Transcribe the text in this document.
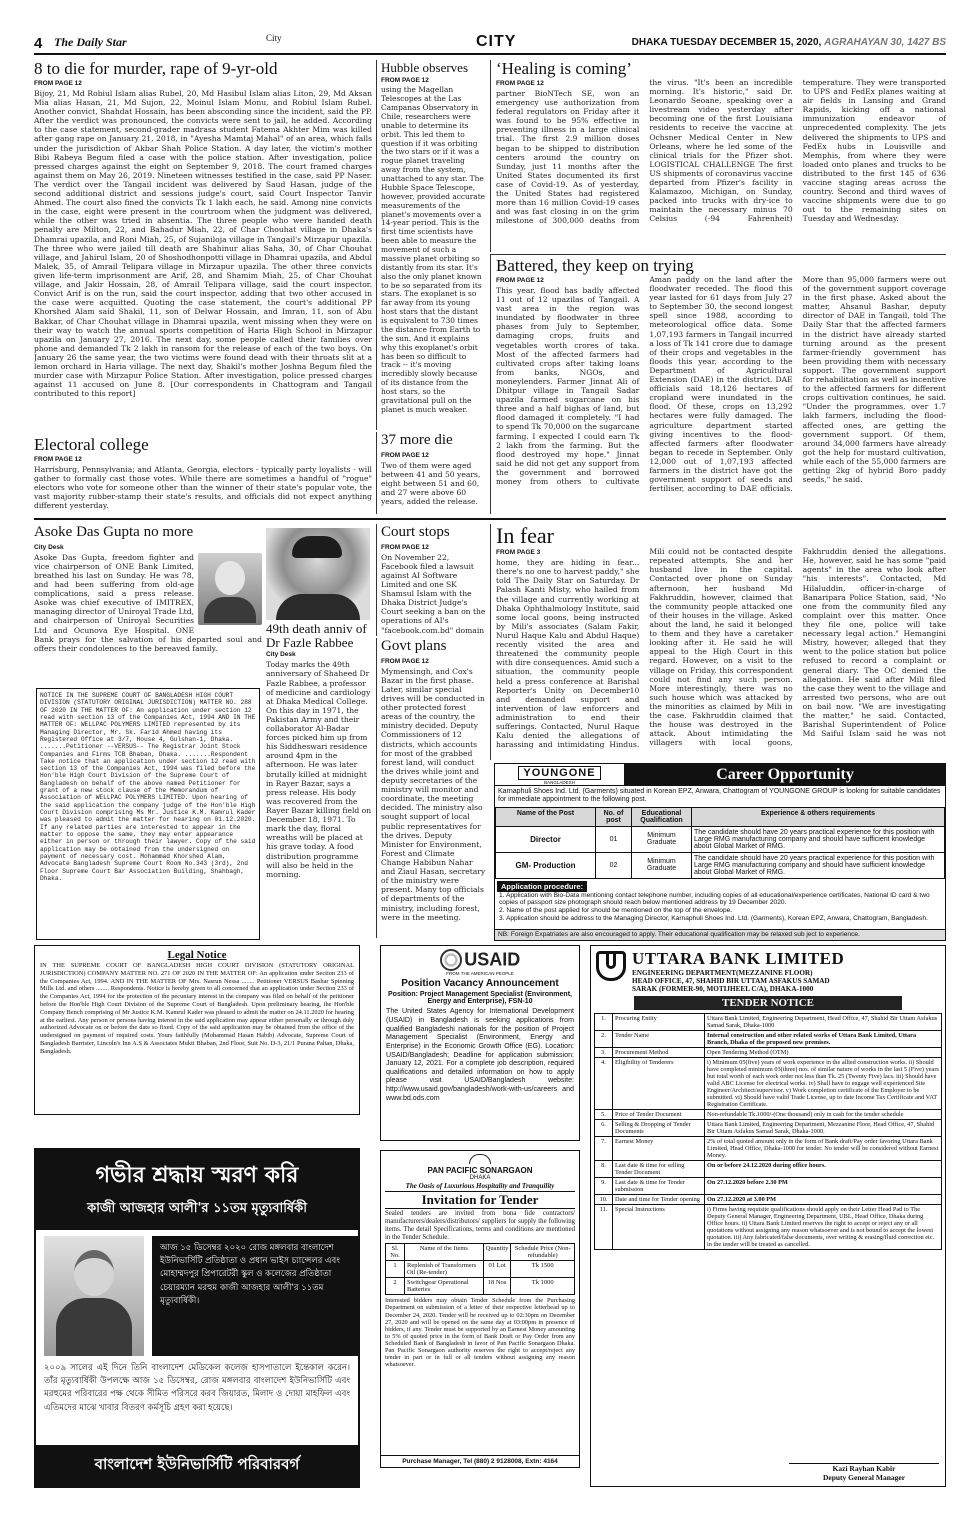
4 The Daily Star	City	CITY	DHAKA TUESDAY DECEMBER 15, 2020, AGRAHAYAN 30, 1427 BS
8 to die for murder, rape of 9-yr-old
FROM PAGE 12
Bijoy, 21, Md Robiul Islam alias Rubel, 20, Md Hasibul Islam alias Liton, 29, Md Aksan Mia alias Hasan, 21, Md Sujon, 22, Moinul Islam Monu, and Robiul Islam Rubel. Another convict, Shahdat Hossain, has been absconding since the incident, said the PP. After the verdict was pronounced, the convicts were sent to jail, he added. According to the case statement, second-grader madrasa student Fatema Akhter Mim was killed after gang rape on January 21, 2018, in "Ayesha Mamtaj Mahal" of an area, which falls under the jurisdiction of Akbar Shah Police Station. A day later, the victim's mother Bibi Rabeya Begum filed a case with the police station. After investigation, police pressed charges against the eight on September 9, 2018. The court framed charges against them on May 26, 2019. Nineteen witnesses testified in the case, said PP Naser. The verdict over the Tangail incident was delivered by Saud Hasan, judge of the second additional district and sessions judge's court, said Court Inspector Tanvir Ahmed. The court also fined the convicts Tk 1 lakh each, he said. Among nine convicts in the case, eight were present in the courtroom when the judgment was delivered, while the other was tried in absentia. The three people who were handed death penalty are Milton, 22, and Bahadur Miah, 22, of Char Chouhat village in Dhaka's Dhamrai upazila, and Roni Miah, 25, of Sujaniloja village in Tangail's Mirzapur upazila. The three who were jailed till death are Shahinur alias Saha, 30, of Char Chouhat village, and Jahirul Islam, 20 of Shoshodhonpotti village in Dhamrai upazila, and Abdul Malek, 35, of Amrail Telipara village in Mirzapur upazila. The other three convicts given life-term imprisonment are Arif, 28, and Shamim Miah, 25, of Char Chouhat village, and Jakir Hossain, 28, of Amrail Telipara village, said the court inspector. Convict Arif is on the run, said the court inspector, adding that two other accused in the case were acquitted. Quoting the case statement, the court's additional PP Khorshed Alam said Shakil, 11, son of Delwar Hossain, and Imran, 11, son of Abu Bakkar, of Char Chouhat village in Dhamrai upazila, went missing when they were on their way to watch the annual sports competition of Haria High School in Mirzapur upazila on January 27, 2016. The next day, some people called their families over phone and demanded Tk 2 lakh in ransom for the release of each of the two boys. On January 26 the same year, the two victims were found dead with their throats slit at a lemon orchard in Haria village. The next day, Shakil's mother Joshna Begum filed the murder case with Mirzapur Police Station. After investigation, police pressed charges against 11 accused on June 8. [Our correspondents in Chattogram and Tangail contributed to this report]
Electoral college
FROM PAGE 12
Harrisburg, Pennsylvania; and Atlanta, Georgia, electors - typically party loyalists - will gather to formally cast those votes. While there are sometimes a handful of "rogue" electors who vote for someone other than the winner of their state's popular vote, the vast majority rubber-stamp their state's results, and officials did not expect anything different yesterday.
Hubble observes
FROM PAGE 12
using the Magellan Telescopes at the Las Campanas Observatory in Chile, researchers were unable to determine its orbit. This led them to question if it was orbiting the two stars or if it was a rogue planet traveling away from the system, unattached to any star. The Hubble Space Telescope, however, provided accurate measurements of the planet's movements over a 14-year period. This is the first time scientists have been able to measure the movement of such a massive planet orbiting so distantly from its star. It's also the only planet known to be so separated from its stars. The exoplanet is so far away from its young host stars that the distant is equivalent to 730 times the distance from Earth to the sun. And it explains why this exoplanet's orbit has been so difficult to track -- it's moving incredibly slowly because of its distance from the host stars, so the gravitational pull on the planet is much weaker.
37 more die
FROM PAGE 12
Two of them were aged between 41 and 50 years, eight between 51 and 60, and 27 were above 60 years, added the release.
‘Healing is coming’
FROM PAGE 12
partner BioNTech SE, won an emergency use authorization from federal regulators on Friday after it was found to be 95% effective in preventing illness in a large clinical trial. The first 2.9 million doses began to be shipped to distribution centers around the country on Sunday, just 11 months after the United States documented its first case of Covid-19. As of yesterday, the United States had registered more than 16 million Covid-19 cases and was fast closing in on the grim milestone of 300,000 deaths from the virus. "It's been an incredible morning. It's historic," said Dr. Leonardo Seoane, speaking over a livestream video yesterday after becoming one of the first Louisiana residents to receive the vaccine at Ochsner Medical Center in New Orleans, where he led some of the clinical trials for the Pfizer shot. LOGISTICAL CHALLENGE The first US shipments of coronavirus vaccine departed from Pfizer's facility in Kalamazoo, Michigan, on Sunday, packed into trucks with dry-ice to maintain the necessary minus 70 Celsius (-94 Fahrenheit) temperature. They were transported to UPS and FedEx planes waiting at air fields in Lansing and Grand Rapids, kicking off a national immunization endeavor of unprecedented complexity. The jets delivered the shipments to UPS and FedEx hubs in Louisville and Memphis, from where they were loaded onto planes and trucks to be distributed to the first 145 of 636 vaccine staging areas across the country. Second and third waves of vaccine shipments were due to go out to the remaining sites on Tuesday and Wednesday.
Battered, they keep on trying
FROM PAGE 12
This year, flood has badly affected 11 out of 12 upazilas of Tangail. A vast area in the region was inundated by floodwater in three phases from July to September, damaging crops, fruits and vegetables worth crores of taka. Most of the affected farmers had cultivated crops after taking loans from banks, NGOs, and moneylenders. Farmer Jinnat Ali of Dhitpur village in Tangail Sadar upazila farmed sugarcane on his three and a half bighas of land, but flood damaged it completely. "I had to spend Tk 70,000 on the sugarcane farming. I expected I could earn Tk 2 lakh from the farming. But the flood destroyed my hope." Jinnat said he did not get any support from the government and borrowed money from others to cultivate Aman paddy on the land after the floodwater receded. The flood this year lasted for 61 days from July 27 to September 30, the second longest spell since 1988, according to meteorological office data. Some 1,07,193 farmers in Tangail incurred a loss of Tk 141 crore due to damage of their crops and vegetables in the floods this year, according to the Department of Agricultural Extension (DAE) in the district. DAE officials said 18,126 hectares of cropland were inundated in the flood. Of these, crops on 13,292 hectares were fully damaged. The agriculture department started giving incentives to the flood-affected farmers after floodwater began to recede in September. Only 12,000 out of 1,07,193 affected farmers in the district have got the government support of seeds and fertiliser, according to DAE officials. More than 95,000 farmers were out of the government support coverage in the first phase. Asked about the matter, Ahsanul Bashar, deputy director of DAE in Tangail, told The Daily Star that the affected farmers in the district have already started turning around as the present farmer-friendly government has been providing them with necessary support. The government support for rehabilitation as well as incentive to the affected farmers for different crops cultivation continues, he said. "Under the programmes, over 1.7 lakh farmers, including the flood-affected ones, are getting the government support. Of them, around 34,000 farmers have already got the help for mustard cultivation, while each of the 55,000 farmers are getting 2kg of hybrid Boro paddy seeds," he said.
Asoke Das Gupta no more
City Desk
Asoke Das Gupta, freedom fighter and vice chairperson of ONE Bank Limited, breathed his last on Sunday. He was 78, and had been suffering from old-age complications, said a press release. Asoke was chief executive of IMITREX, managing director of Uniroyal Trade Ltd, and chairperson of Uniroyal Securities Ltd and Ocunova Eye Hospital. ONE Bank prays for the salvation of his departed soul and offers their condolences to the bereaved family.
NOTICE IN THE SUPREME COURT OF BANGLADESH HIGH COURT DIVISION (STATUTORY ORIGINAL JURISDICTION) MATTER NO. 288 OF 2020 IN THE MATTER OF: An application under section 12 read with section 13 of the Companies Act, 1994 AND IN THE MATTER OF: WELLPAC POLYMERS LIMITED represented by its Managing Director, Mr. Sk. Farid Ahmed having its Registered Office at 3/7, House 4, Gulshan-1, Dhaka. .......Petitioner --VERSUS-- The Registrar Joint Stock Companies and Firms TCB Bhaban, Dhaka. .......Respondent Take notice that an application under section 12 read with section 13 of the Companies Act, 1994 was filed before the Hon'ble High Court Division of the Supreme Court of Bangladesh on behalf of the above named Petitioner for grant of a new stock clause of the Memorandum of Association of WELLPAC POLYMERS LIMITED. Upon hearing of the said application the company judge of the Hon'ble High Court Division comprising Ms Mr. Justice K.M. Kamrul Kader was pleased to admit the matter for hearing on 01.12.2020. If any related parties are interested to appear in the matter to oppose the same, they may enter appearance either in person or through their lawyer. Copy of the said application may be obtained from the undersigned on payment of necessary cost. Mohammad Khorshed Alam, Advocate Bangladesh Supreme Court Room No.343 (3rd), 2nd Floor Supreme Court Bar Association Building, Shahbagh, Dhaka.
Legal Notice
IN THE SUPREME COURT OF BANGLADESH HIGH COURT DIVISION (STATUTORY ORIGINAL JURISDICTION) COMPANY MATTER NO. 271 OF 2020 IN THE MATTER OF: An application under Section 233 of the Companies Act, 1994. AND IN THE MATTER OF Mrs. Nasrun Nessa ........ Petitioner VERSUS Bashar Spinning Mills Ltd. and others ........ Respondents. Notice is hereby given to all concerned that an application under Section 233 of the Companies Act, 1994 for the protection of the pecuniary interest in the company was filed on behalf of the petitioner before the Hon'ble High Court Division of the Supreme Court of Bangladesh. Upon preliminary hearing, the Hon'ble Company Bench comprising of Mr Justice K.M. Kamrul Kader was pleased to admit the matter on 24.11.2020 for hearing at the earliest. Any person or persons having interest in the said application may appear either personally or through duly authorized Advocate on or before the date so fixed. Copy of the said application may be obtained from the office of the undersigned on payment of required costs. Yours faithfully (Mohammad Hasan Habib) Advocate, Supreme Court of Bangladesh Barrister, Lincoln's Inn A.S & Associates Mukti Bhaban, 2nd Floor, Suit No. D-3, 21/1 Purana Paltan, Dhaka, Bangladesh.
49th death anniv of Dr Fazle Rabbee
City Desk
Today marks the 49th anniversary of Shaheed Dr Fazle Rabbee, a professor of medicine and cardiology at Dhaka Medical College. On this day in 1971, the Pakistan Army and their collaborator Al-Badar forces picked him up from his Siddheswari residence around 4pm in the afternoon. He was later brutally killed at midnight in Rayer Bazar, says a press release. His body was recovered from the Rayer Bazar killing field on December 18, 1971. To mark the day, floral wreaths will be placed at his grave today. A food distribution programme will also be held in the morning.
Court stops
FROM PAGE 12
On November 22, Facebook filed a lawsuit against AI Software Limited and one SK Shamsul Islam with the Dhaka District Judge's Court seeking a ban on the operations of AI's "facebook.com.bd" domain
Govt plans
FROM PAGE 12
Mymensingh, and Cox's Bazar in the first phase. Later, similar special drives will be conducted in other protected forest areas of the country, the ministry decided. Deputy Commissioners of 12 districts, which accounts for most of the grabbed forest land, will conduct the drives while joint and deputy secretaries of the ministry will monitor and coordinate, the meeting decided. The ministry also sought support of local public representatives for the drives. Deputy Minister for Environment, Forest and Climate Change Habibun Nahar and Ziaul Hasan, secretary of the ministry were present. Many top officials of departments of the ministry, including forest, were in the meeting.
In fear
FROM PAGE 3
home, they are hiding in fear... there's no one to harvest paddy," she told The Daily Star on Saturday. Dr Palash Kanti Misty, who hailed from the village and currently working at Dhaka Ophthalmology Institute, said some local goons, being instructed by Mili's associates (Salam Fakir, Nurul Haque Kalu and Abdul Haque) recently visited the area and threatened the community people with dire consequences. Amid such a situation, the community people held a press conference at Barishal Reporter's Unity on December10 and demanded support and intervention of law enforcers and administration to end their sufferings. Contacted, Nurul Haque Kalu denied the allegations of harassing and intimidating Hindus. Mili could not be contacted despite repeated attempts. She and her husband live in the capital. Contacted over phone on Sunday afternoon, her husband Md Fakhruddin, however, claimed that the community people attacked one of their houses in the village. Asked about the land, he said it belonged to them and they have a caretaker looking after it. He said he will appeal to the High Court in this regard. However, on a visit to the village on Friday, this correspondent could not find any such person. More interestingly, there was no such house which was attacked by the minorities as claimed by Mili in the case. Fakhruddin claimed that the house was destroyed in the attack. About intimidating the villagers with local goons, Fakhruddin denied the allegations. He, however, said he has some "paid agents" in the area who look after "his interests". Contacted, Md Hilaluddin, officer-in-charge of Banaripara Police Station, said, "No one from the community filed any complaint over this matter. Once they file one, police will take necessary legal action." Hemangini Mistry, however, alleged that they went to the police station but police refused to record a complaint or general diary. The OC denied the allegation. He said after Mili filed the case they went to the village and arrested two persons, who are out on bail now. "We are investigating the matter," he said. Contacted, Barishal Superintendent of Police Md Saiful Islam said he was not
YOUNGONE
BANGLADESH	Career Opportunity
Karnaphuli Shoes Ind. Ltd. (Garments) situated in Korean EPZ, Anwara, Chattogram of YOUNGONE GROUP is looking for suitable candidates for immediate appointment to the following post.
Name of the Post	No. of post	Educational Qualification	Experience & others requirements
Director	01	Minimum Graduate	The candidate should have 20 years practical experience for this position with Large RMG manufacturing company and should have sufficient knowledge about Global Market of RMG.
GM- Production	02	Minimum Graduate	The candidate should have 20 years practical experience for this position with Large RMG manufacturing company and should have sufficient knowledge about Global Market of RMG.
Application procedure:
1. Application with Bio-Data mentioning contact telephone number, including copies of all educational/experience certificates, National ID card & two copies of passport size photograph should reach below mentioned address by 19 December 2020.
2. Name of the post applied for should be mentioned on the top of the envelope.
3. Application should be address to the Managing Director, Karnaphuli Shoes Ind. Ltd. (Garments), Korean EPZ, Anwara, Chattogram, Bangladesh.
NB: Foreign Expatriates are also encouraged to apply. Their educational qualification may be relaxed sub ject to experience.
USAID
FROM THE AMERICAN PEOPLE
Position Vacancy Announcement
Position: Project Management Specialist (Environment, Energy and Enterprise), FSN-10
The United States Agency for International Development (USAID) in Bangladesh is seeking applications from qualified Bangladeshi nationals for the position of Project Management Specialist (Environment, Energy and Enterprise) in the Economic Growth Office (EG). Location: USAID/Bangladesh; Deadline for application submission: January 12, 2021. For a complete job description, required qualifications and detailed information on how to apply please visit USAID/Bangladesh website: http://www.usaid.gov/bangladesh/work-with-us/careers and www.bd.ods.com
PAN PACIFIC SONARGAON
DHAKA
The Oasis of Luxurious Hospitality and Tranquility
Invitation for Tender
Sealed tenders are invited from bona fide contractors/ manufacturers/dealers/distributors/ suppliers for supply the following items. The detail Specifications, terms and conditions are mentioned in the Tender Schedule.
Sl. No.	Name of the Items	Quantity	Schedule Price (Non-refundable)
1	Replenish of Transformers Oil (Re-tender)	01 Lot	Tk 1500
2	Switchgear Operational Batteries	18 Nos	Tk 1000
Interested bidders may obtain Tender Schedule from the Purchasing Department on submission of a letter of their respective letterhead up to December 24, 2020. Tender will be received up to 02:30pm on December 27, 2020 and will be opened on the same day at 03:00pm in presence of bidders, if any. Tender must be supported by an Earnest Money amounting to 5% of quoted price in the form of Bank Draft or Pay Order from any Scheduled Bank of Bangladesh in favor of Pan Pacific Sonargaon Dhaka. Pan Pacific Sonargaon authority reserves the right to accept/reject any tender in part or in full or all tenders without assigning any reason whatsoever.
Purchase Manager, Tel (880) 2 9128008, Extn: 4164
UTTARA BANK LIMITED
ENGINEERING DEPARTMENT(MEZZANINE FLOOR)
HEAD OFFICE, 47, SHAHID BIR UTTAM ASFAKUS SAMAD
SARAK (FORMER-90, MOTIJHEEL C/A), DHAKA-1000
TENDER NOTICE
1.	Procuring Entity	Uttara Bank Limited, Engineering Department, Head Office, 47, Shahid Bir Uttam Asfakus Samad Sarak, Dhaka-1000
2.	Tender Name	Internal construction and other related works of Uttara Bank Limited, Uttara Branch, Dhaka of the proposed new premises.
3.	Procurement Method	Open Tendering Method (OTM)
4.	Eligibility of Tenderers	i) Minimum 05(five) years of work experience in the allied construction works. ii) Should have completed minimum 03(three) nos. of similar nature of works in the last 5 (Five) years but total worth of each work order not less than Tk. 25 (Twenty Five) lacs. iii) Should have valid ABC License for electrical works. iv) Shall have to engage well experienced Site Engineer/Architect/supervisor. v) Work completion certificate of the Employer to be submitted. vi) Should have valid Trade License, up to date Income Tax Certificate and VAT Registration Certificate.
5.	Price of Tender Document	Non-refundable Tk.1000/-(One thousand) only in cash for the tender schedule
6.	Selling & Dropping of Tender Documents	Uttara Bank Limited, Engineering Department, Mezzanine Floor, Head Office, 47, Shahid Bir Uttam Asfakus Samad Sarak, Dhaka-1000.
7.	Earnest Money	2% of total quoted amount only in the form of Bank draft/Pay order favoring Uttara Bank Limited, Head Office, Dhaka-1000 for tender. No tender will be considered without Earnest Money.
8.	Last date & time for selling Tender Document	On or before 24.12.2020 during office hours.
9.	Last date & time for Tender submission	On 27.12.2020 before 2.30 PM
10.	Date and time for Tender opening	On 27.12.2020 at 3.00 PM
11.	Special Instructions	i) Firms having requisite qualifications should apply on their Letter Head Pad to The Deputy General Manager, Engineering Department, UBL, Head Office, Dhaka during Office hours. ii) Uttara Bank Limited reserves the right to accept or reject any or all quotations without assigning any reason whatsoever and is not bound to accept the lowest quotation. iii) Any fabricated/false documents, over writing & erasing/fluid correction etc. in the tender will be treated as cancelled.
Kazi Rayhan Kabir
Deputy General Manager
গভীর শ্রদ্ধায় স্মরণ করি
কাজী আজহার আলী'র ১১তম মৃত্যুবার্ষিকী
আজ ১৫ ডিসেম্বর ২০২০ রোজ মঙ্গলবার বাংলাদেশ ইউনিভার্সিটি প্রতিষ্ঠাতা ও প্রধান ভাইস চ্যান্সেলর এবং মোহাম্মদপুর প্রিপারেটরী স্কুল ও কলেজের প্রতিষ্ঠাতা চেয়ারম্যান মরহুম কাজী আজহার আলী'র ১১তম মৃত্যুবার্ষিকী।
২০০৯ সালের এই দিনে তিনি বাংলাদেশ মেডিকেল কলেজ হাসপাতালে ইন্তেকাল করেন। তাঁর মৃত্যুবার্ষিকী উপলক্ষে আজ ১৫ ডিসেম্বর, রোজ মঙ্গলবার বাংলাদেশ ইউনিভার্সিটি এবং মরহুমের পরিবারের পক্ষ থেকে সীমিত পরিসরে করব জিয়ারত, মিলাদ ও দোয়া মাহফিল এবং এতিমদের মাঝে খাবার বিতরণ কর্মসূচি গ্রহণ করা হয়েছে।
বাংলাদেশ ইউনিভার্সিটি পরিবারবর্গ
